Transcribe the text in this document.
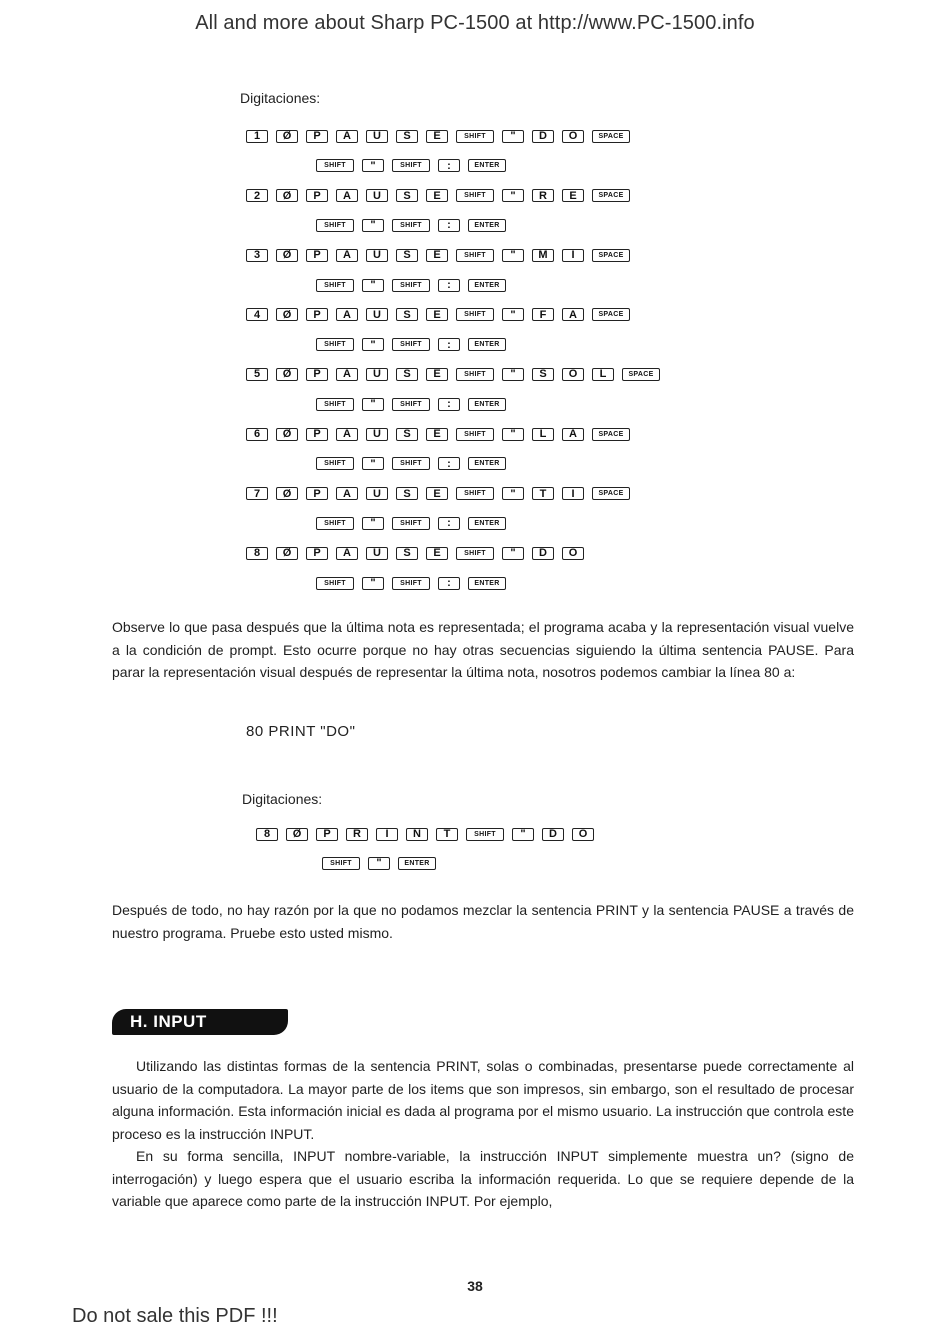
All and more about Sharp PC-1500 at http://www.PC-1500.info
Digitaciones:
1	Ø	P	A	U	S	E	SHIFT	"	D	O	SPACE
SHIFT	"	SHIFT	:	ENTER
2	Ø	P	A	U	S	E	SHIFT	"	R	E	SPACE
SHIFT	"	SHIFT	:	ENTER
3	Ø	P	A	U	S	E	SHIFT	"	M	I	SPACE
SHIFT	"	SHIFT	:	ENTER
4	Ø	P	A	U	S	E	SHIFT	"	F	A	SPACE
SHIFT	"	SHIFT	:	ENTER
5	Ø	P	A	U	S	E	SHIFT	"	S	O	L	SPACE
SHIFT	"	SHIFT	:	ENTER
6	Ø	P	A	U	S	E	SHIFT	"	L	A	SPACE
SHIFT	"	SHIFT	:	ENTER
7	Ø	P	A	U	S	E	SHIFT	"	T	I	SPACE
SHIFT	"	SHIFT	:	ENTER
8	Ø	P	A	U	S	E	SHIFT	"	D	O
SHIFT	"	SHIFT	:	ENTER

Observe lo que pasa después que la última nota es representada; el programa acaba y la representación visual vuelve a la condición de prompt. Esto ocurre porque no hay otras secuencias siguiendo la última sentencia PAUSE. Para parar la representación visual después de representar la última nota, nosotros podemos cambiar la línea 80 a:

80 PRINT "DO"
Digitaciones:
8	Ø	P	R	I	N	T	SHIFT	"	D	O
SHIFT	"	ENTER

Después de todo, no hay razón por la que no podamos mezclar la sentencia PRINT y la sentencia PAUSE a través de nuestro programa. Pruebe esto usted mismo.

H. INPUT

Utilizando las distintas formas de la sentencia PRINT, solas o combinadas, presentarse puede correctamente al usuario de la computadora. La mayor parte de los items que son impresos, sin embargo, son el resultado de procesar alguna información. Esta información inicial es dada al programa por el mismo usuario. La instrucción que controla este proceso es la instrucción INPUT.

En su forma sencilla, INPUT nombre-variable, la instrucción INPUT simplemente muestra un? (signo de interrogación) y luego espera que el usuario escriba la información requerida. Lo que se requiere depende de la variable que aparece como parte de la instrucción INPUT. Por ejemplo,

38
Do not sale this PDF !!!
